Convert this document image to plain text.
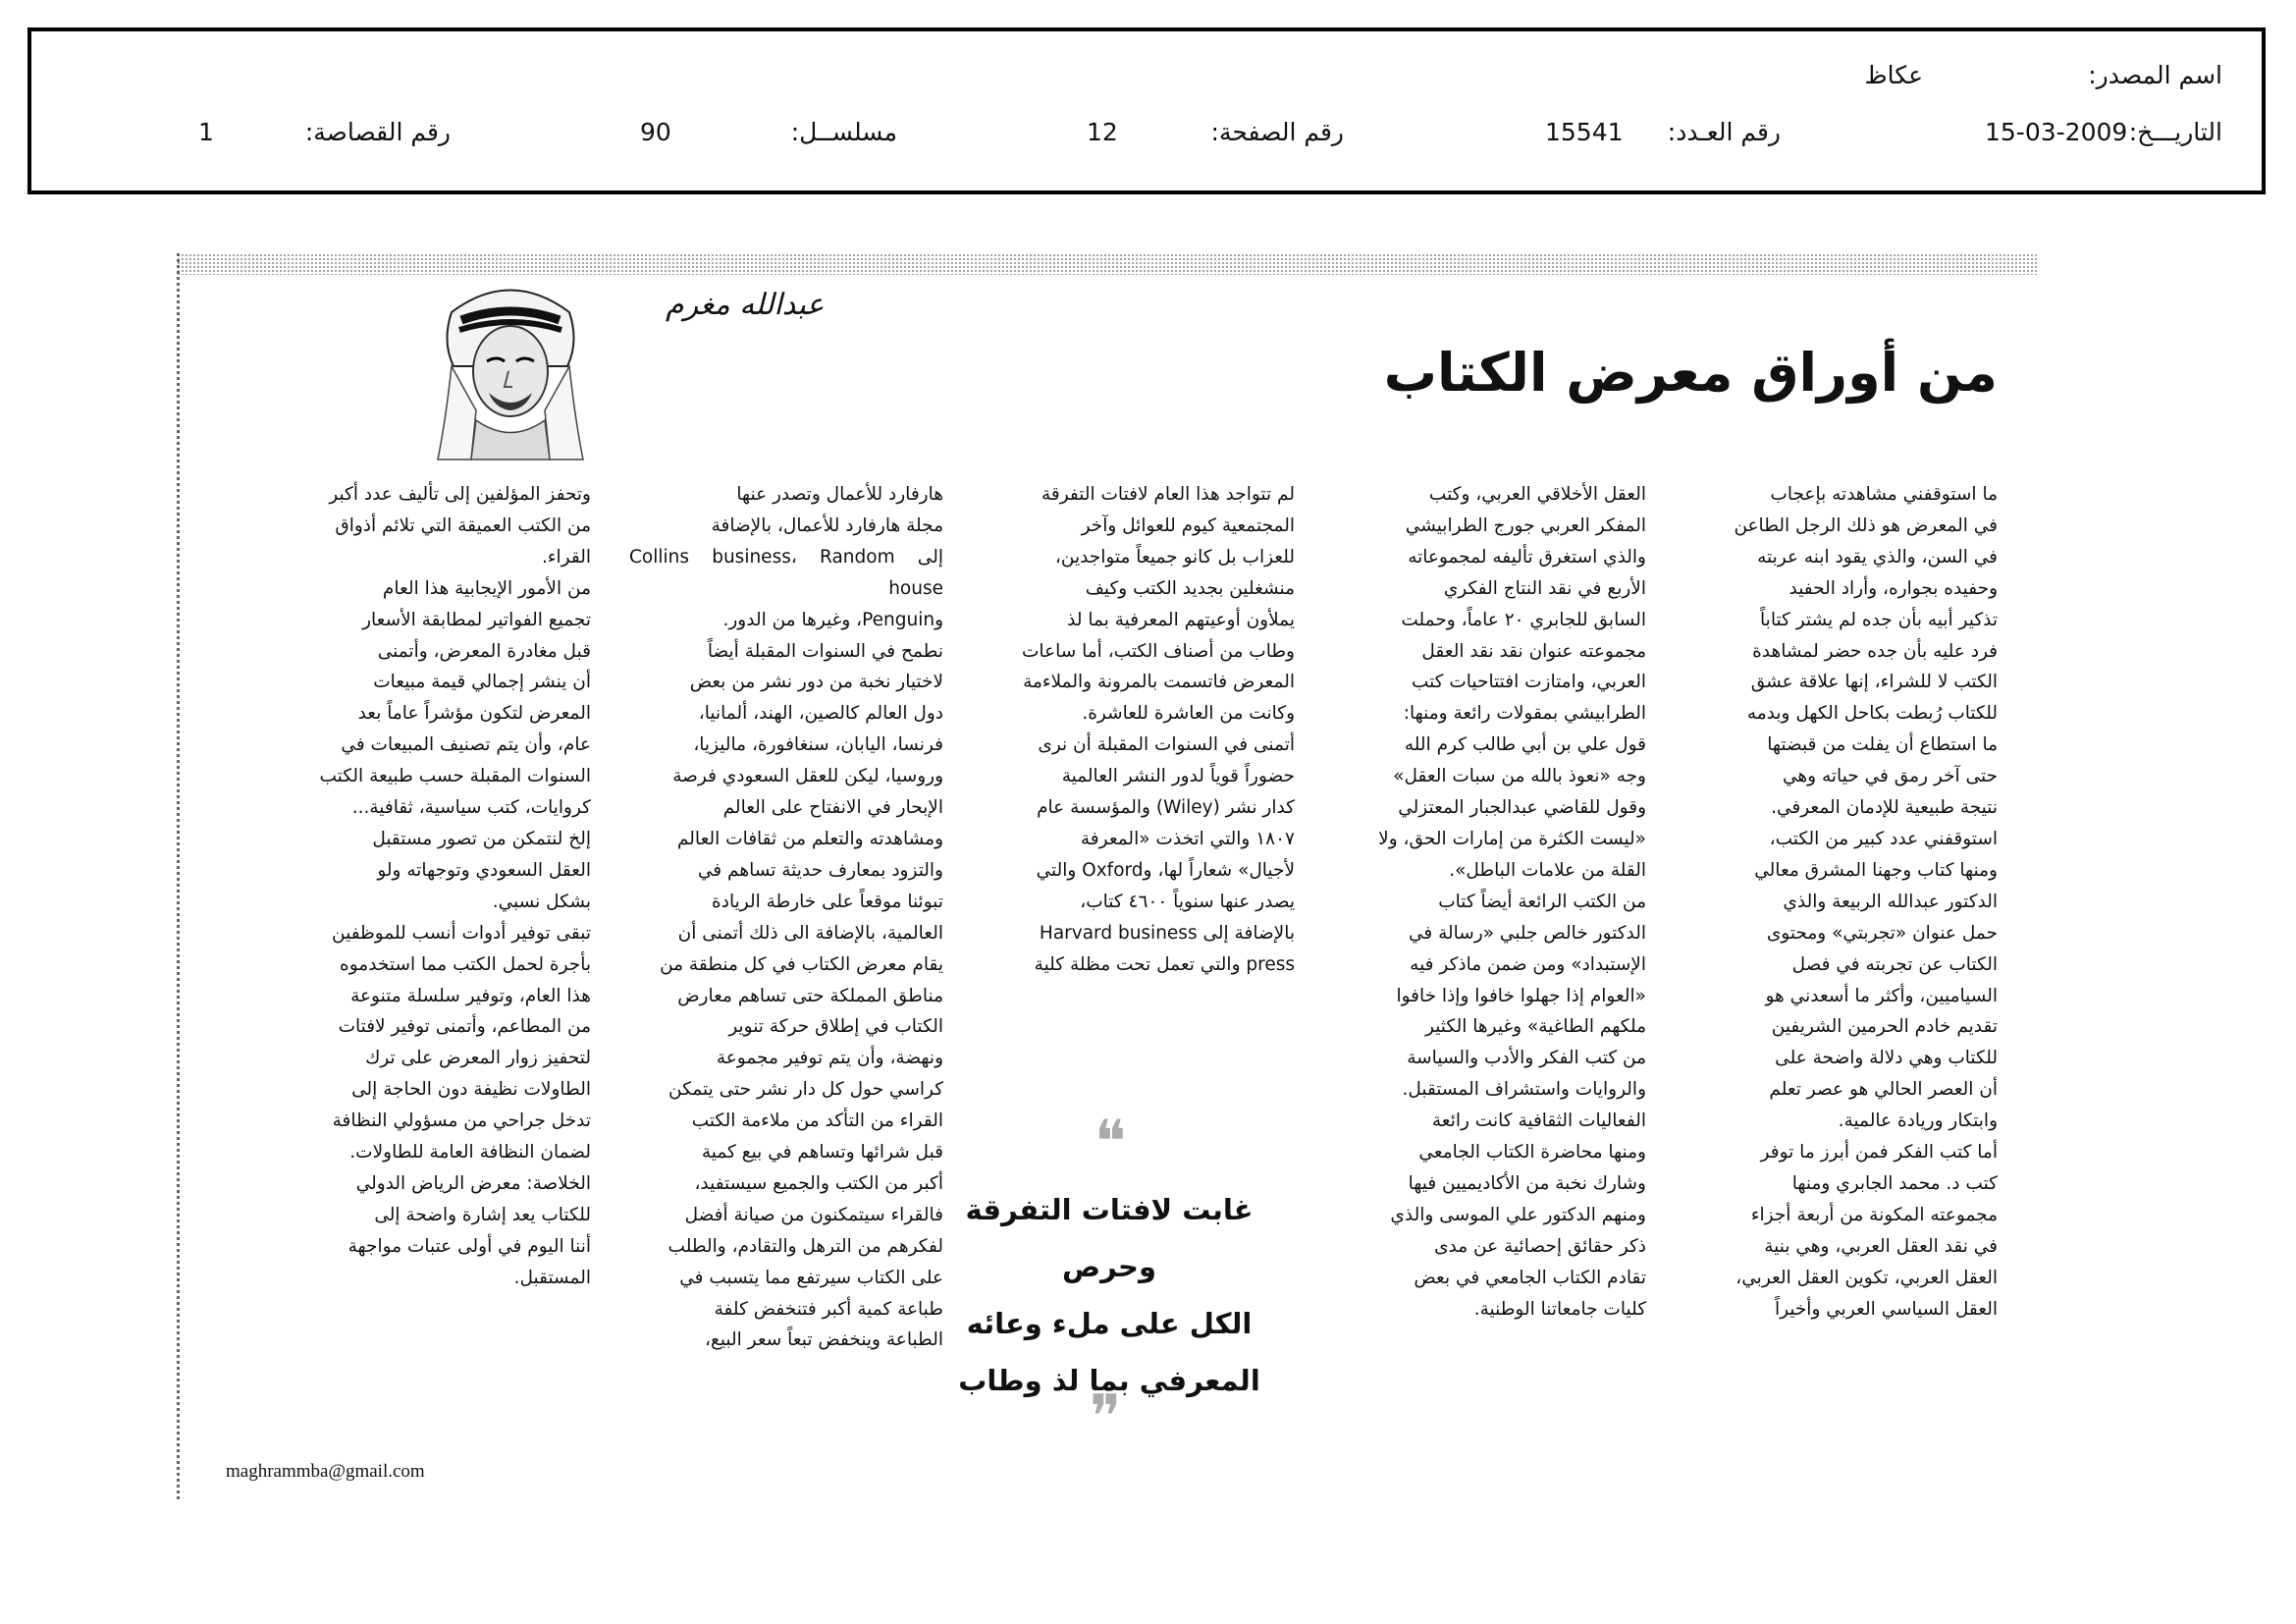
اسم المصدر:
عكاظ
التاريـــخ:
15-03-2009
رقم العـدد:
15541
رقم الصفحة:
12
مسلســل:
90
رقم القصاصة:
1
من أوراق معرض الكتاب
عبدالله مغرم
ما استوقفني مشاهدته بإعجاب
في المعرض هو ذلك الرجل الطاعن
في السن، والذي يقود ابنه عربته
وحفيده بجواره، وأراد الحفيد
تذكير أبيه بأن جده لم يشتر كتاباً
فرد عليه بأن جده حضر لمشاهدة
الكتب لا للشراء، إنها علاقة عشق
للكتاب رُبطت بكاحل الكهل وبدمه
ما استطاع أن يفلت من قبضتها
حتى آخر رمق في حياته وهي
نتيجة طبيعية للإدمان المعرفي.
استوقفني عدد كبير من الكتب،
ومنها كتاب وجهنا المشرق معالي
الدكتور عبدالله الربيعة والذي
حمل عنوان «تجربتي» ومحتوى
الكتاب عن تجربته في فصل
السياميين، وأكثر ما أسعدني هو
تقديم خادم الحرمين الشريفين
للكتاب وهي دلالة واضحة على
أن العصر الحالي هو عصر تعلم
وابتكار وريادة عالمية.
أما كتب الفكر فمن أبرز ما توفر
كتب د. محمد الجابري ومنها
مجموعته المكونة من أربعة أجزاء
في نقد العقل العربي، وهي بنية
العقل العربي، تكوين العقل العربي،
العقل السياسي العربي وأخيراً
العقل الأخلاقي العربي، وكتب
المفكر العربي جورج الطرابيشي
والذي استغرق تأليفه لمجموعاته
الأربع في نقد النتاج الفكري
السابق للجابري ٢٠ عاماً، وحملت
مجموعته عنوان نقد نقد العقل
العربي، وامتازت افتتاحيات كتب
الطرابيشي بمقولات رائعة ومنها:
قول علي بن أبي طالب كرم الله
وجه «نعوذ بالله من سبات العقل»
وقول للقاضي عبدالجبار المعتزلي
«ليست الكثرة من إمارات الحق، ولا
القلة من علامات الباطل».
من الكتب الرائعة أيضاً كتاب
الدكتور خالص جلبي «رسالة في
الإستبداد» ومن ضمن ماذكر فيه
«العوام إذا جهلوا خافوا وإذا خافوا
ملكهم الطاغية» وغيرها الكثير
من كتب الفكر والأدب والسياسة
والروايات واستشراف المستقبل.
الفعاليات الثقافية كانت رائعة
ومنها محاضرة الكتاب الجامعي
وشارك نخبة من الأكاديميين فيها
ومنهم الدكتور علي الموسى والذي
ذكر حقائق إحصائية عن مدى
تقادم الكتاب الجامعي في بعض
كليات جامعاتنا الوطنية.
لم تتواجد هذا العام لافتات التفرقة
المجتمعية كيوم للعوائل وآخر
للعزاب بل كانو جميعاً متواجدين،
منشغلين بجديد الكتب وكيف
يملأون أوعيتهم المعرفية بما لذ
وطاب من أصناف الكتب، أما ساعات
المعرض فاتسمت بالمرونة والملاءمة
وكانت من العاشرة للعاشرة.
أتمنى في السنوات المقبلة أن نرى
حضوراً قوياً لدور النشر العالمية
كدار نشر (Wiley) والمؤسسة عام
١٨٠٧ والتي اتخذت «المعرفة
لأجيال» شعاراً لها، وOxford والتي
يصدر عنها سنوياً ٤٦٠٠ كتاب،
بالإضافة إلى Harvard business
press والتي تعمل تحت مظلة كلية
هارفارد للأعمال وتصدر عنها
مجلة هارفارد للأعمال، بالإضافة
إلى Collins business، Random house
وPenguin، وغيرها من الدور.
نطمح في السنوات المقبلة أيضاً
لاختيار نخبة من دور نشر من بعض
دول العالم كالصين، الهند، ألمانيا،
فرنسا، اليابان، سنغافورة، ماليزيا،
وروسيا، ليكن للعقل السعودي فرصة
الإبحار في الانفتاح على العالم
ومشاهدته والتعلم من ثقافات العالم
والتزود بمعارف حديثة تساهم في
تبوئنا موقعاً على خارطة الريادة
العالمية، بالإضافة الى ذلك أتمنى أن
يقام معرض الكتاب في كل منطقة من
مناطق المملكة حتى تساهم معارض
الكتاب في إطلاق حركة تنوير
ونهضة، وأن يتم توفير مجموعة
كراسي حول كل دار نشر حتى يتمكن
القراء من التأكد من ملاءمة الكتب
قبل شرائها وتساهم في بيع كمية
أكبر من الكتب والجميع سيستفيد،
فالقراء سيتمكنون من صيانة أفضل
لفكرهم من الترهل والتقادم، والطلب
على الكتاب سيرتفع مما يتسبب في
طباعة كمية أكبر فتنخفض كلفة
الطباعة وينخفض تبعاً سعر البيع،
وتحفز المؤلفين إلى تأليف عدد أكبر
من الكتب العميقة التي تلائم أذواق
القراء.
من الأمور الإيجابية هذا العام
تجميع الفواتير لمطابقة الأسعار
قبل مغادرة المعرض، وأتمنى
أن ينشر إجمالي قيمة مبيعات
المعرض لتكون مؤشراً عاماً بعد
عام، وأن يتم تصنيف المبيعات في
السنوات المقبلة حسب طبيعة الكتب
كروايات، كتب سياسية، ثقافية...
إلخ لنتمكن من تصور مستقبل
العقل السعودي وتوجهاته ولو
بشكل نسبي.
تبقى توفير أدوات أنسب للموظفين
بأجرة لحمل الكتب مما استخدموه
هذا العام، وتوفير سلسلة متنوعة
من المطاعم، وأتمنى توفير لافتات
لتحفيز زوار المعرض على ترك
الطاولات نظيفة دون الحاجة إلى
تدخل جراحي من مسؤولي النظافة
لضمان النظافة العامة للطاولات.
الخلاصة: معرض الرياض الدولي
للكتاب يعد إشارة واضحة إلى
أننا اليوم في أولى عتبات مواجهة
المستقبل.
❝
غابت لافتات التفرقة وحرص
الكل على ملء وعائه
المعرفي بما لذ وطاب
❞
maghrammba@gmail.com
